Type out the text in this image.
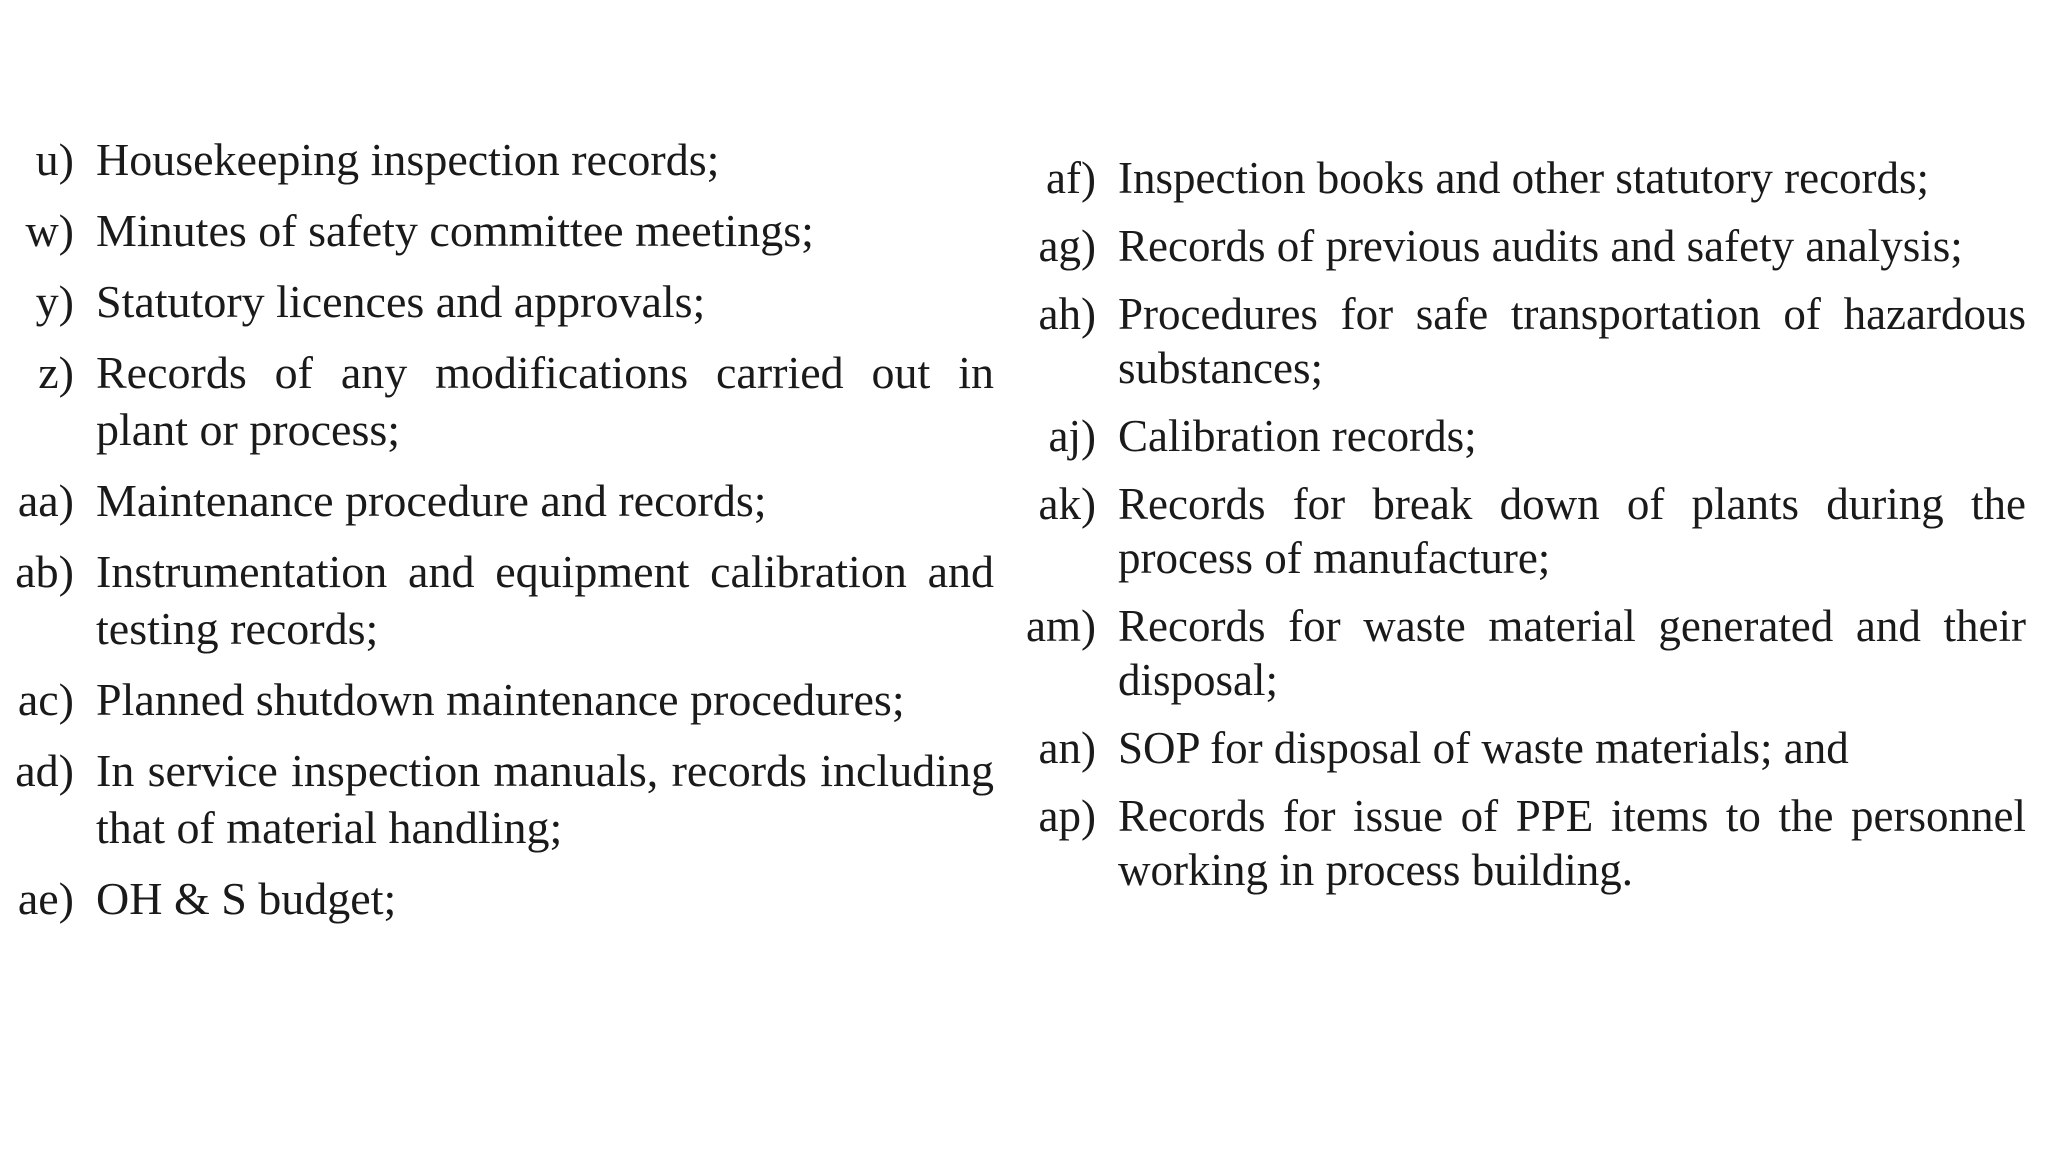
u) Housekeeping inspection records;
w) Minutes of safety committee meetings;
y) Statutory licences and approvals;
z) Records of any modifications carried out in plant or process;
aa) Maintenance procedure and records;
ab) Instrumentation and equipment calibration and testing records;
ac) Planned shutdown maintenance procedures;
ad) In service inspection manuals, records including that of material handling;
ae) OH & S budget;
af) Inspection books and other statutory records;
ag) Records of previous audits and safety analysis;
ah) Procedures for safe transportation of hazardous substances;
aj) Calibration records;
ak) Records for break down of plants during the process of manufacture;
am) Records for waste material generated and their disposal;
an) SOP for disposal of waste materials; and
ap) Records for issue of PPE items to the personnel working in process building.
